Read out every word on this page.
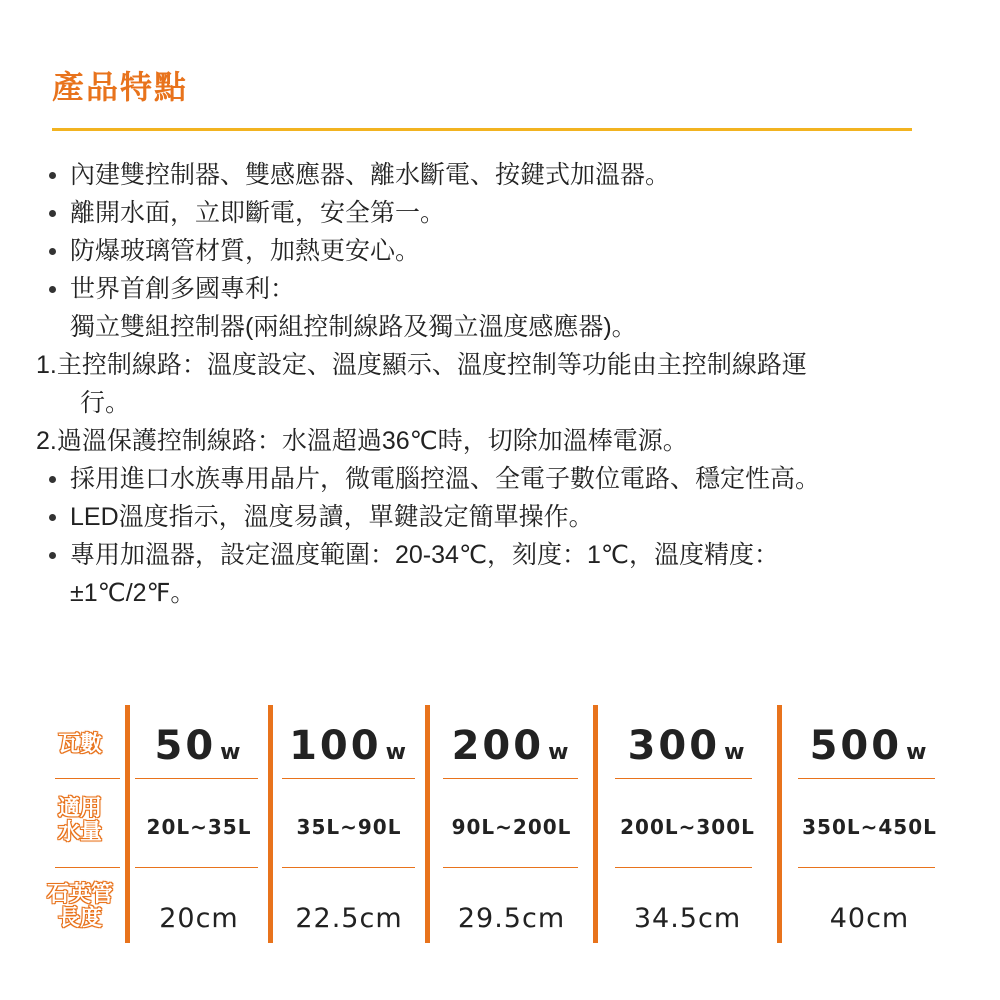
產品特點
內建雙控制器、雙感應器、離水斷電、按鍵式加溫器。
離開水面，立即斷電，安全第一。
防爆玻璃管材質，加熱更安心。
世界首創多國專利：
獨立雙組控制器(兩組控制線路及獨立溫度感應器)。
1.主控制線路：溫度設定、溫度顯示、溫度控制等功能由主控制線路運
行。
2.過溫保護控制線路：水溫超過36℃時，切除加溫棒電源。
採用進口水族專用晶片，微電腦控溫、全電子數位電路、穩定性高。
LED溫度指示，溫度易讀，單鍵設定簡單操作。
專用加溫器，設定溫度範圍：20-34℃，刻度：1℃，溫度精度：
±1℃/2℉。
瓦數
適用
水量
石英管
長度
50 w
20L~35L
20cm
100 w
35L~90L
22.5cm
200 w
90L~200L
29.5cm
300 w
200L~300L
34.5cm
500 w
350L~450L
40cm
